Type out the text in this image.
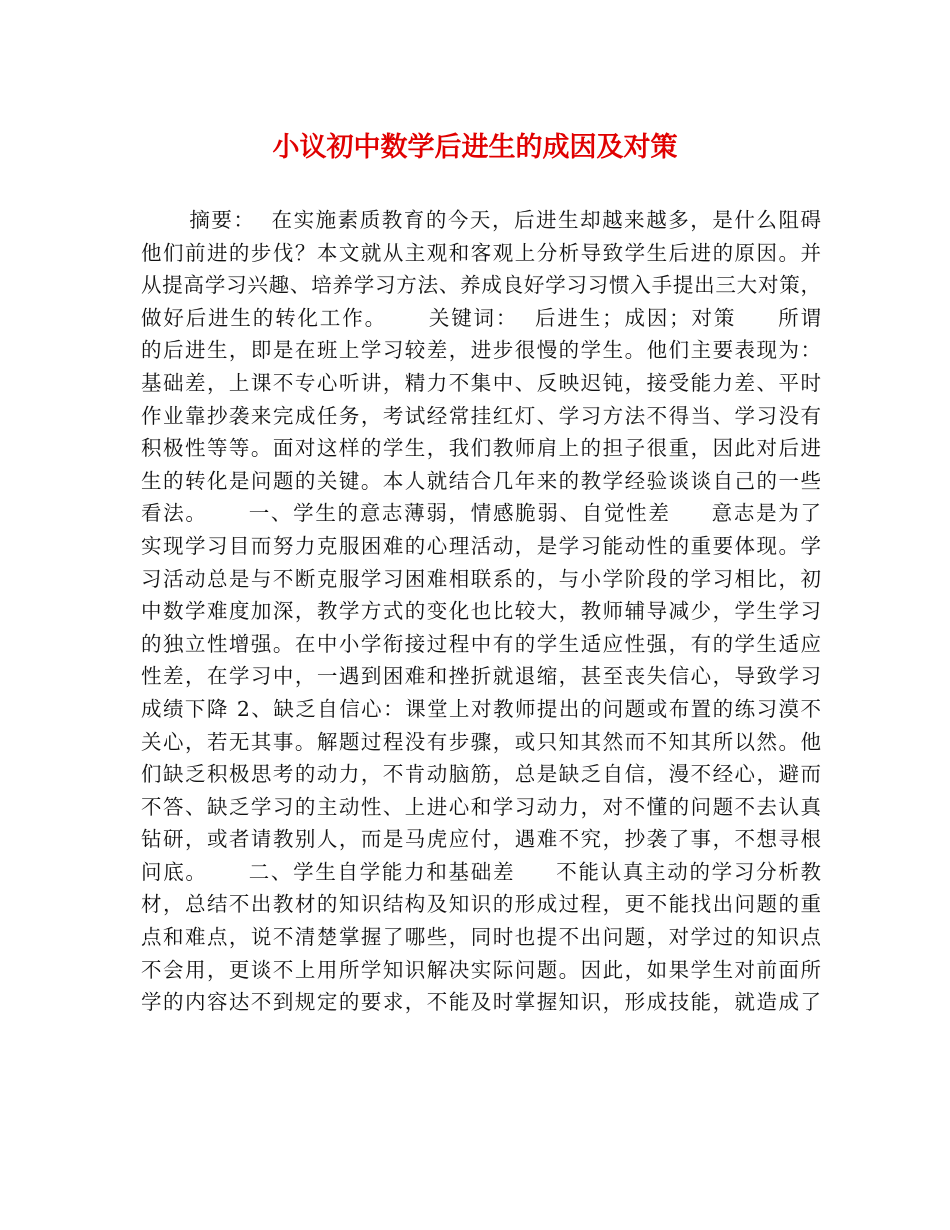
小议初中数学后进生的成因及对策
摘要：  在实施素质教育的今天，后进生却越来越多，是什么阻碍
他们前进的步伐？本文就从主观和客观上分析导致学生后进的原因。并
从提高学习兴趣、培养学习方法、养成良好学习习惯入手提出三大对策，
做好后进生的转化工作。     关键词：  后进生；成因；对策     所谓
的后进生，即是在班上学习较差，进步很慢的学生。他们主要表现为：
基础差，上课不专心听讲，精力不集中、反映迟钝，接受能力差、平时
作业靠抄袭来完成任务，考试经常挂红灯、学习方法不得当、学习没有
积极性等等。面对这样的学生，我们教师肩上的担子很重，因此对后进
生的转化是问题的关键。本人就结合几年来的教学经验谈谈自己的一些
看法。     一、学生的意志薄弱，情感脆弱、自觉性差     意志是为了
实现学习目而努力克服困难的心理活动，是学习能动性的重要体现。学
习活动总是与不断克服学习困难相联系的，与小学阶段的学习相比，初
中数学难度加深，教学方式的变化也比较大，教师辅导减少，学生学习
的独立性增强。在中小学衔接过程中有的学生适应性强，有的学生适应
性差，在学习中，一遇到困难和挫折就退缩，甚至丧失信心，导致学习
成绩下降 2、缺乏自信心：课堂上对教师提出的问题或布置的练习漠不
关心，若无其事。解题过程没有步骤，或只知其然而不知其所以然。他
们缺乏积极思考的动力，不肯动脑筋，总是缺乏自信，漫不经心，避而
不答、缺乏学习的主动性、上进心和学习动力，对不懂的问题不去认真
钻研，或者请教别人，而是马虎应付，遇难不究，抄袭了事，不想寻根
问底。     二、学生自学能力和基础差     不能认真主动的学习分析教
材，总结不出教材的知识结构及知识的形成过程，更不能找出问题的重
点和难点，说不清楚掌握了哪些，同时也提不出问题，对学过的知识点
不会用，更谈不上用所学知识解决实际问题。因此，如果学生对前面所
学的内容达不到规定的要求，不能及时掌握知识，形成技能，就造成了
